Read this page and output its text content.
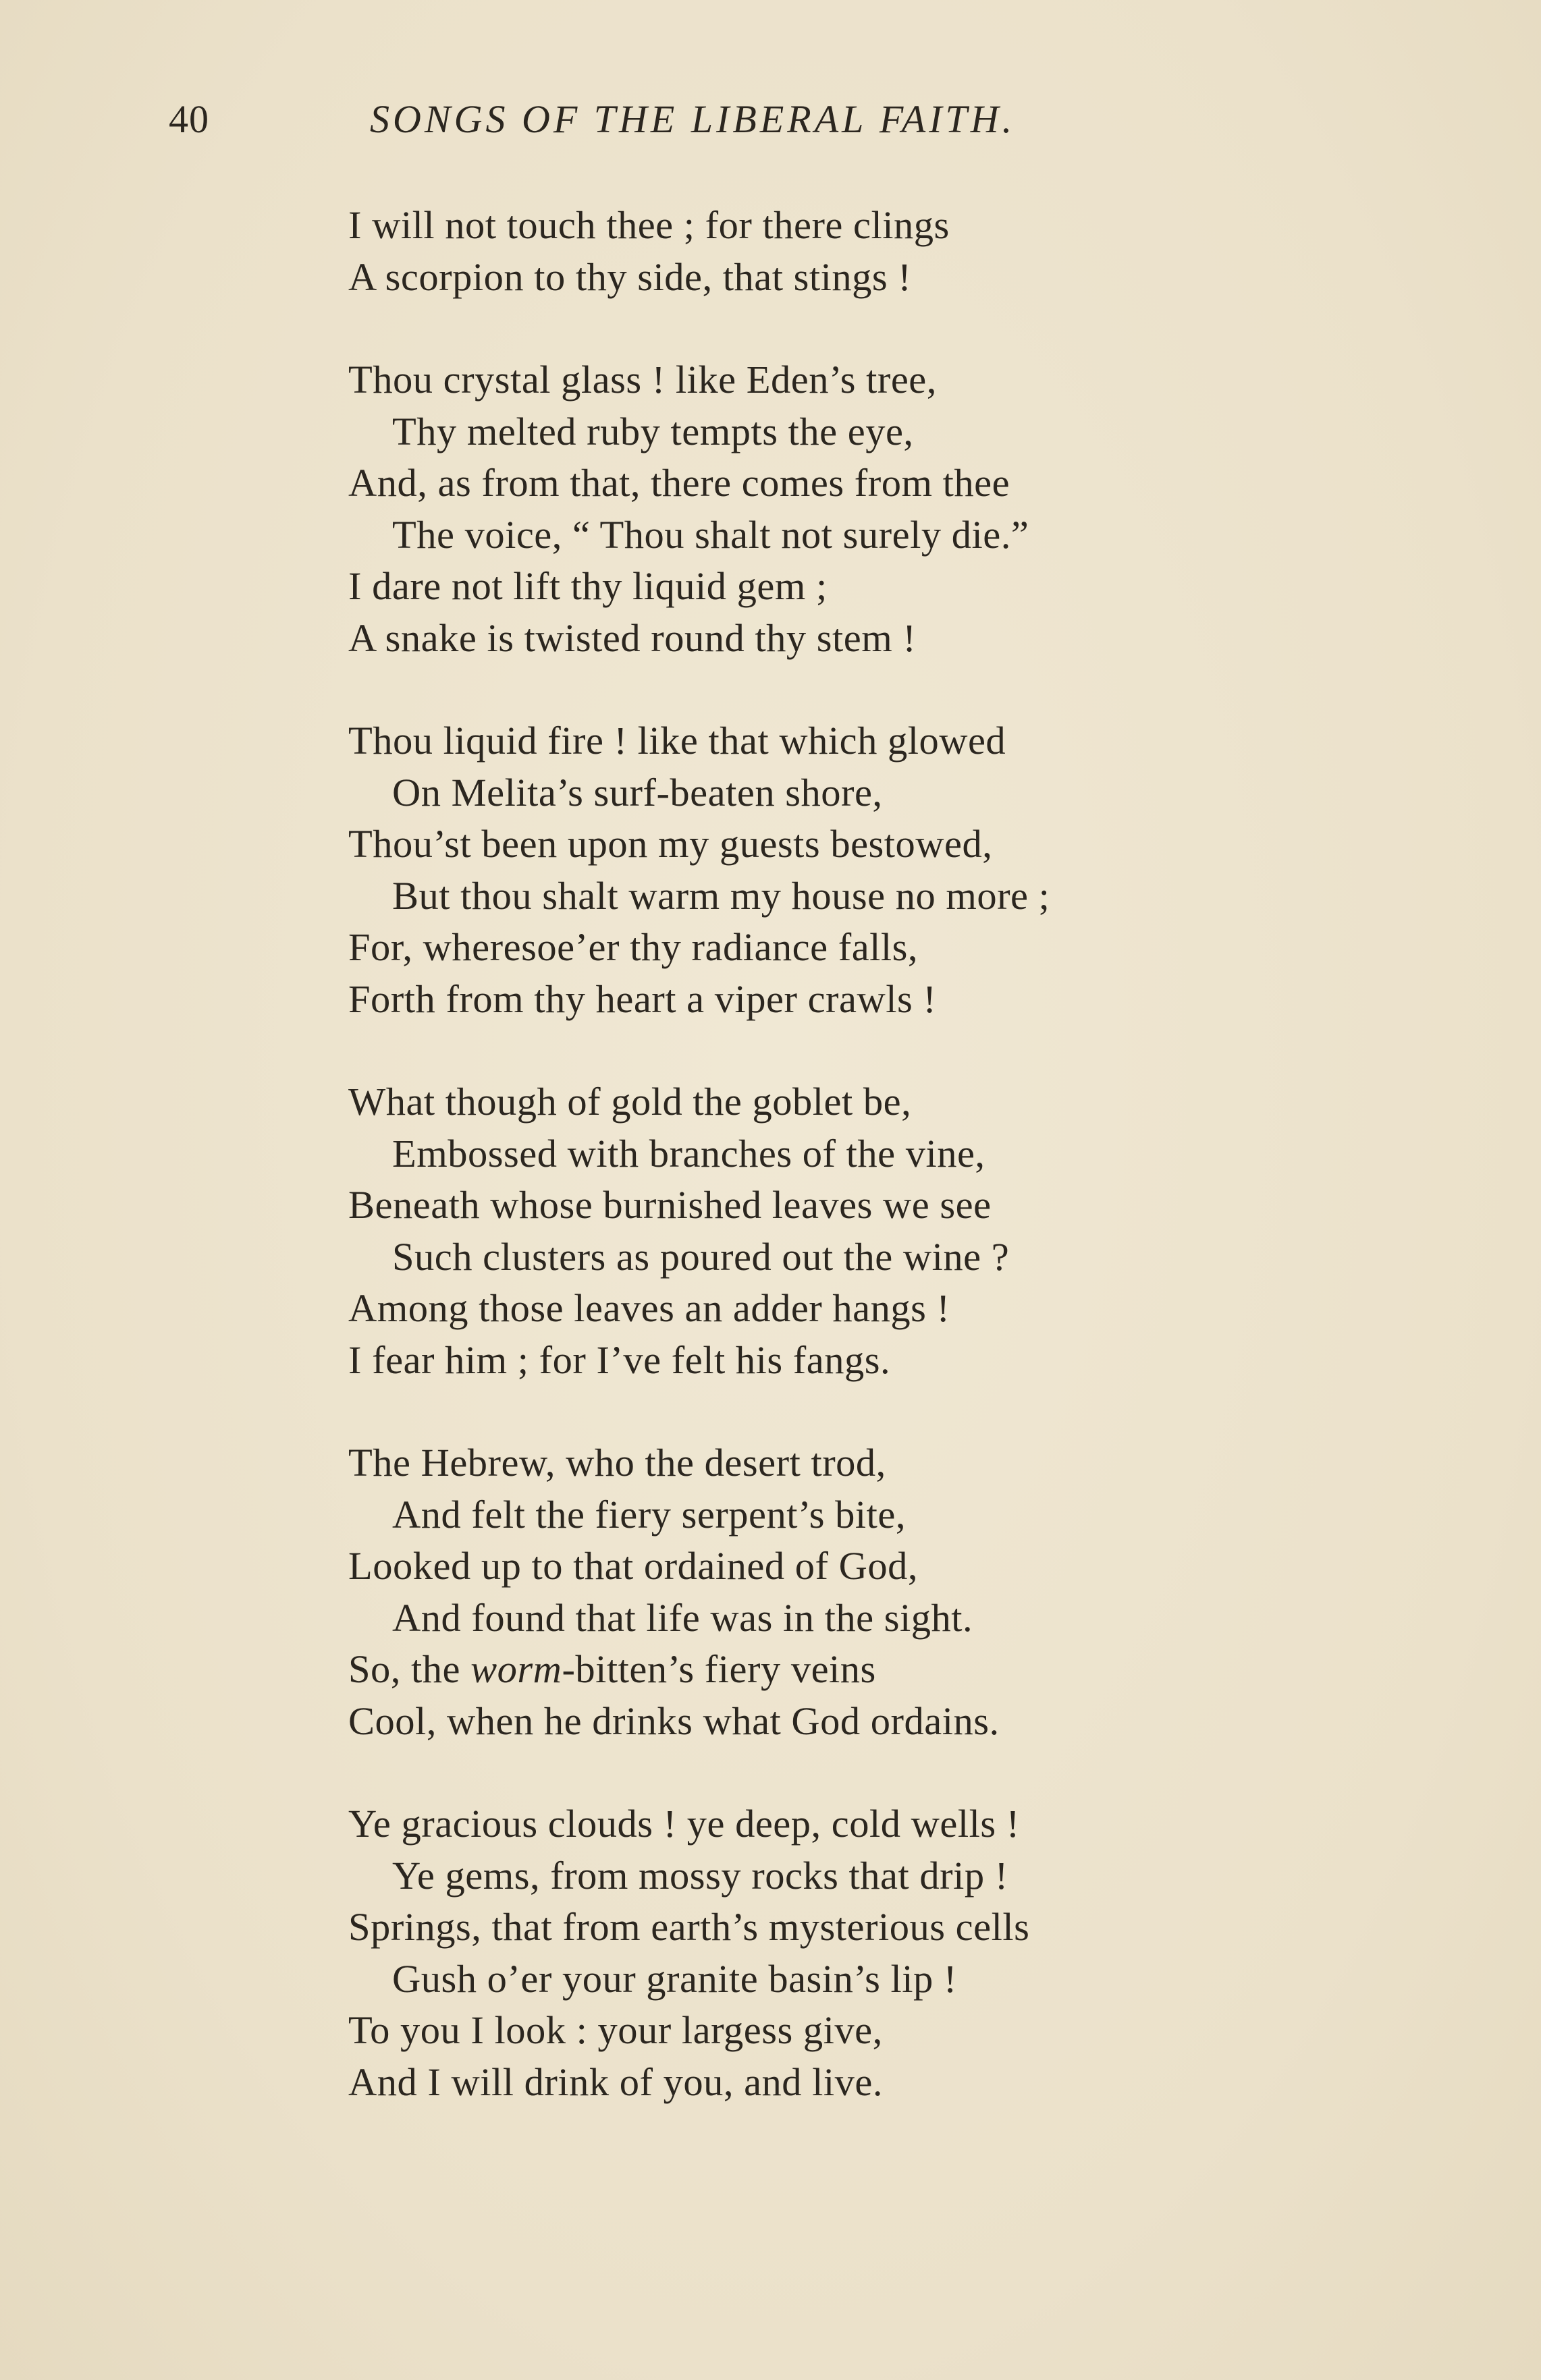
40	SONGS OF THE LIBERAL FAITH.
I will not touch thee ; for there clings
A scorpion to thy side, that stings !
Thou crystal glass ! like Eden’s tree,
Thy melted ruby tempts the eye,
And, as from that, there comes from thee
The voice, “ Thou shalt not surely die.”
I dare not lift thy liquid gem ;
A snake is twisted round thy stem !
Thou liquid fire ! like that which glowed
On Melita’s surf-beaten shore,
Thou’st been upon my guests bestowed,
But thou shalt warm my house no more ;
For, wheresoe’er thy radiance falls,
Forth from thy heart a viper crawls !
What though of gold the goblet be,
Embossed with branches of the vine,
Beneath whose burnished leaves we see
Such clusters as poured out the wine ?
Among those leaves an adder hangs !
I fear him ; for I’ve felt his fangs.
The Hebrew, who the desert trod,
And felt the fiery serpent’s bite,
Looked up to that ordained of God,
And found that life was in the sight.
So, the worm-bitten’s fiery veins
Cool, when he drinks what God ordains.
Ye gracious clouds ! ye deep, cold wells !
Ye gems, from mossy rocks that drip !
Springs, that from earth’s mysterious cells
Gush o’er your granite basin’s lip !
To you I look : your largess give,
And I will drink of you, and live.
